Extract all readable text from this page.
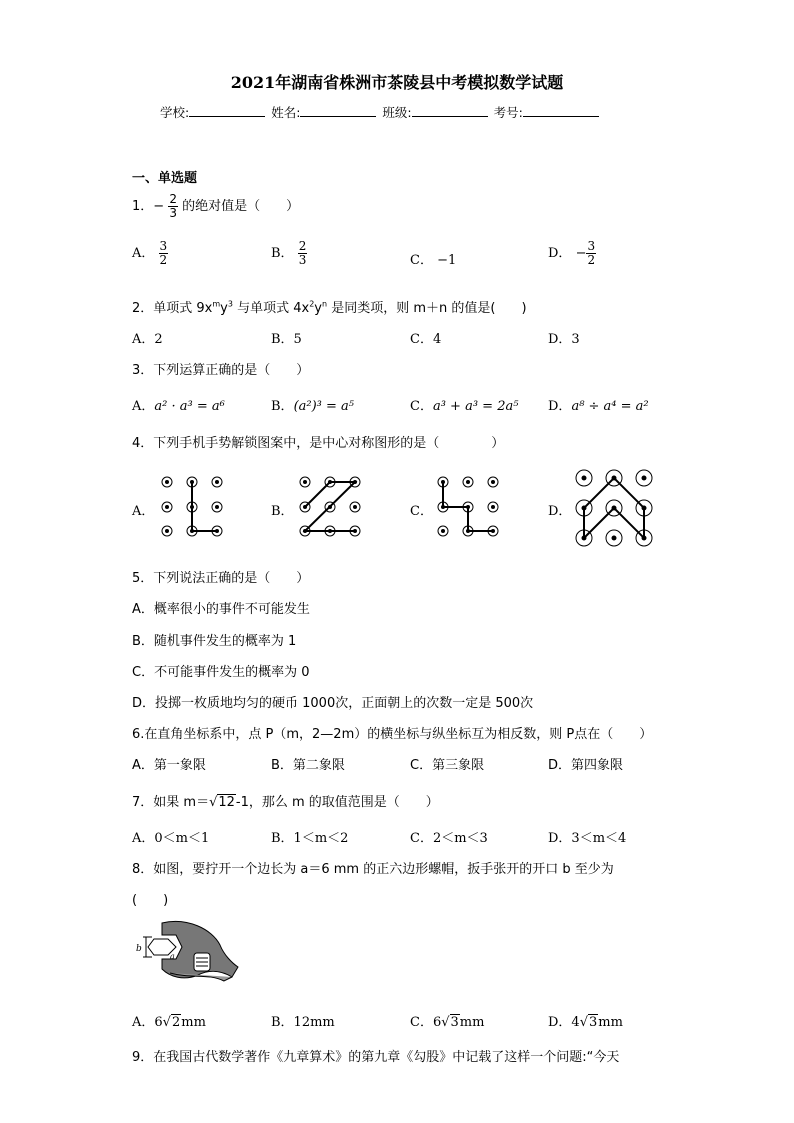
2021年湖南省株洲市茶陵县中考模拟数学试题
学校:	姓名:	班级:	考号:
一、单选题
1．− $\frac{2}{3}$ 的绝对值是（　　）
A． $\frac{3}{2}$	B． $\frac{2}{3}$	C． −1	D． − $\frac{3}{2}$
2．单项式 $9x^my^3$ 与单项式 $4x^2y^n$ 是同类项，则 m＋n 的值是(　　)
A．2	B．5	C．4	D．3
3．下列运算正确的是（　　）
A．a² · a³ = a⁶	B．(a²)³ = a⁵	C．a³ + a³ = 2a⁵ D．a⁸ ÷ a⁴ = a²
4．下列手机手势解锁图案中，是中心对称图形的是（　　　　）
A．	B．	C．	D．
5．下列说法正确的是（　　）
A．概率很小的事件不可能发生
B．随机事件发生的概率为 1
C．不可能事件发生的概率为 0
D．投掷一枚质地均匀的硬币 1000次，正面朝上的次数一定是 500次
6.在直角坐标系中，点 P（m，2—2m）的横坐标与纵坐标互为相反数，则 P点在（　　）
A．第一象限	B．第二象限	C．第三象限	D．第四象限
7．如果 m＝√12-1，那么 m 的取值范围是（　　）
A．0＜m＜1	B．1＜m＜2	C．2＜m＜3	D．3＜m＜4
8．如图，要拧开一个边长为 a＝6 mm 的正六边形螺帽，扳手张开的开口 b 至少为
(　　)
b
a
A．6√2mm	B．12mm	C．6√3mm	D．4√3mm
9．在我国古代数学著作《九章算术》的第九章《勾股》中记载了这样一个问题:“今天
